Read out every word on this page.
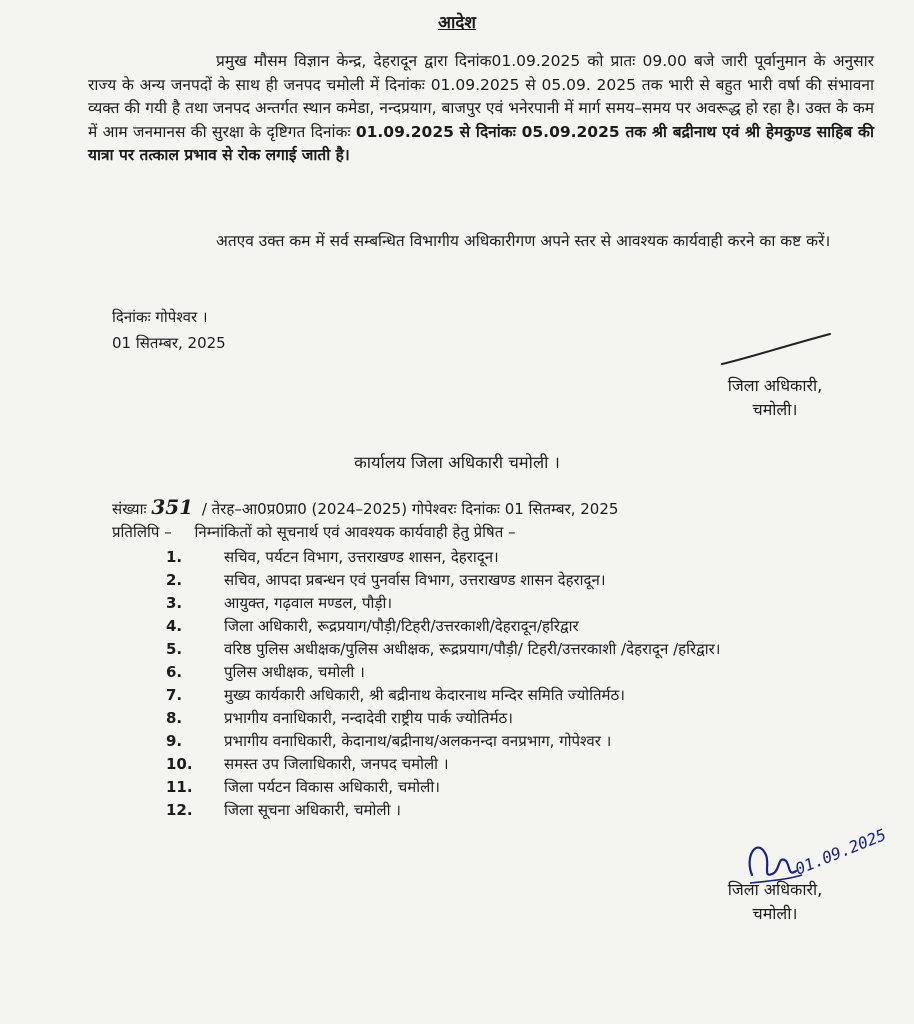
आदेश
प्रमुख मौसम विज्ञान केन्द्र, देहरादून द्वारा दिनांक01.09.2025 को प्रातः 09.00 बजे जारी पूर्वानुमान के अनुसार राज्य के अन्य जनपदों के साथ ही जनपद चमोली में दिनांकः 01.09.2025 से 05.09. 2025 तक भारी से बहुत भारी वर्षा की संभावना व्यक्त की गयी है तथा जनपद अन्तर्गत स्थान कमेडा, नन्दप्रयाग, बाजपुर एवं भनेरपानी में मार्ग समय–समय पर अवरूद्ध हो रहा है। उक्त के कम में आम जनमानस की सुरक्षा के दृष्टिगत दिनांकः 01.09.2025 से दिनांकः 05.09.2025 तक श्री बद्रीनाथ एवं श्री हेमकुण्ड साहिब की यात्रा पर तत्काल प्रभाव से रोक लगाई जाती है।
अतएव उक्त कम में सर्व सम्बन्धित विभागीय अधिकारीगण अपने स्तर से आवश्यक कार्यवाही करने का कष्ट करें।
दिनांकः गोपेश्वर ।
01 सितम्बर, 2025
जिला अधिकारी,
चमोली।
कार्यालय जिला अधिकारी चमोली ।
संख्याः 351 / तेरह–आ0प्र0प्रा0 (2024–2025) गोपेश्वरः दिनांकः 01 सितम्बर, 2025
प्रतिलिपि – निम्नांकितों को सूचनार्थ एवं आवश्यक कार्यवाही हेतु प्रेषित –
1.	सचिव, पर्यटन विभाग, उत्तराखण्ड शासन, देहरादून।
2.	सचिव, आपदा प्रबन्धन एवं पुनर्वास विभाग, उत्तराखण्ड शासन देहरादून।
3.	आयुक्त, गढ़वाल मण्डल, पौड़ी।
4.	जिला अधिकारी, रूद्रप्रयाग/पौड़ी/टिहरी/उत्तरकाशी/देहरादून/हरिद्वार
5.	वरिष्ठ पुलिस अधीक्षक/पुलिस अधीक्षक, रूद्रप्रयाग/पौड़ी/ टिहरी/उत्तरकाशी /देहरादून /हरिद्वार।
6.	पुलिस अधीक्षक, चमोली ।
7.	मुख्य कार्यकारी अधिकारी, श्री बद्रीनाथ केदारनाथ मन्दिर समिति ज्योतिर्मठ।
8.	प्रभागीय वनाधिकारी, नन्दादेवी राष्ट्रीय पार्क ज्योतिर्मठ।
9.	प्रभागीय वनाधिकारी, केदानाथ/बद्रीनाथ/अलकनन्दा वनप्रभाग, गोपेश्वर ।
10.	समस्त उप जिलाधिकारी, जनपद चमोली ।
11.	जिला पर्यटन विकास अधिकारी, चमोली।
12.	जिला सूचना अधिकारी, चमोली ।
01.09.2025
जिला अधिकारी,
चमोली।
